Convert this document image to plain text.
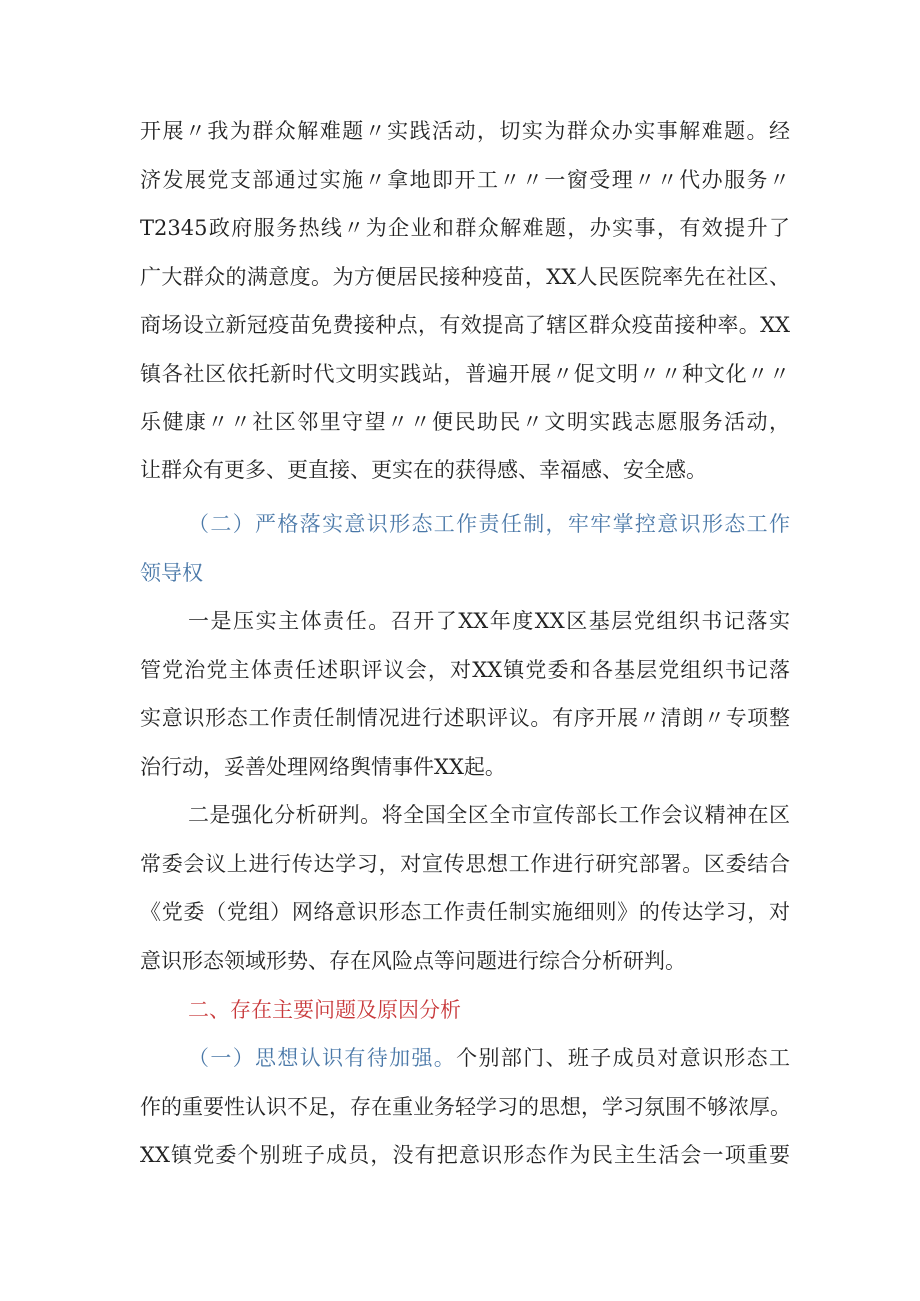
开展〃我为群众解难题〃实践活动，切实为群众办实事解难题。经
济发展党支部通过实施〃拿地即开工〃〃一窗受理〃〃代办服务〃
T2345政府服务热线〃为企业和群众解难题，办实事，有效提升了
广大群众的满意度。为方便居民接种疫苗，XX人民医院率先在社区、
商场设立新冠疫苗免费接种点，有效提高了辖区群众疫苗接种率。XX
镇各社区依托新时代文明实践站，普遍开展〃促文明〃〃种文化〃〃
乐健康〃〃社区邻里守望〃〃便民助民〃文明实践志愿服务活动，
让群众有更多、更直接、更实在的获得感、幸福感、安全感。
（二）严格落实意识形态工作责任制，牢牢掌控意识形态工作
领导权
一是压实主体责任。召开了XX年度XX区基层党组织书记落实
管党治党主体责任述职评议会，对XX镇党委和各基层党组织书记落
实意识形态工作责任制情况进行述职评议。有序开展〃清朗〃专项整
治行动，妥善处理网络舆情事件XX起。
二是强化分析研判。将全国全区全市宣传部长工作会议精神在区
常委会议上进行传达学习，对宣传思想工作进行研究部署。区委结合
《党委（党组）网络意识形态工作责任制实施细则》的传达学习，对
意识形态领域形势、存在风险点等问题进行综合分析研判。
二、存在主要问题及原因分析
（一）思想认识有待加强。个别部门、班子成员对意识形态工
作的重要性认识不足，存在重业务轻学习的思想，学习氛围不够浓厚。
XX镇党委个别班子成员，没有把意识形态作为民主生活会一项重要
